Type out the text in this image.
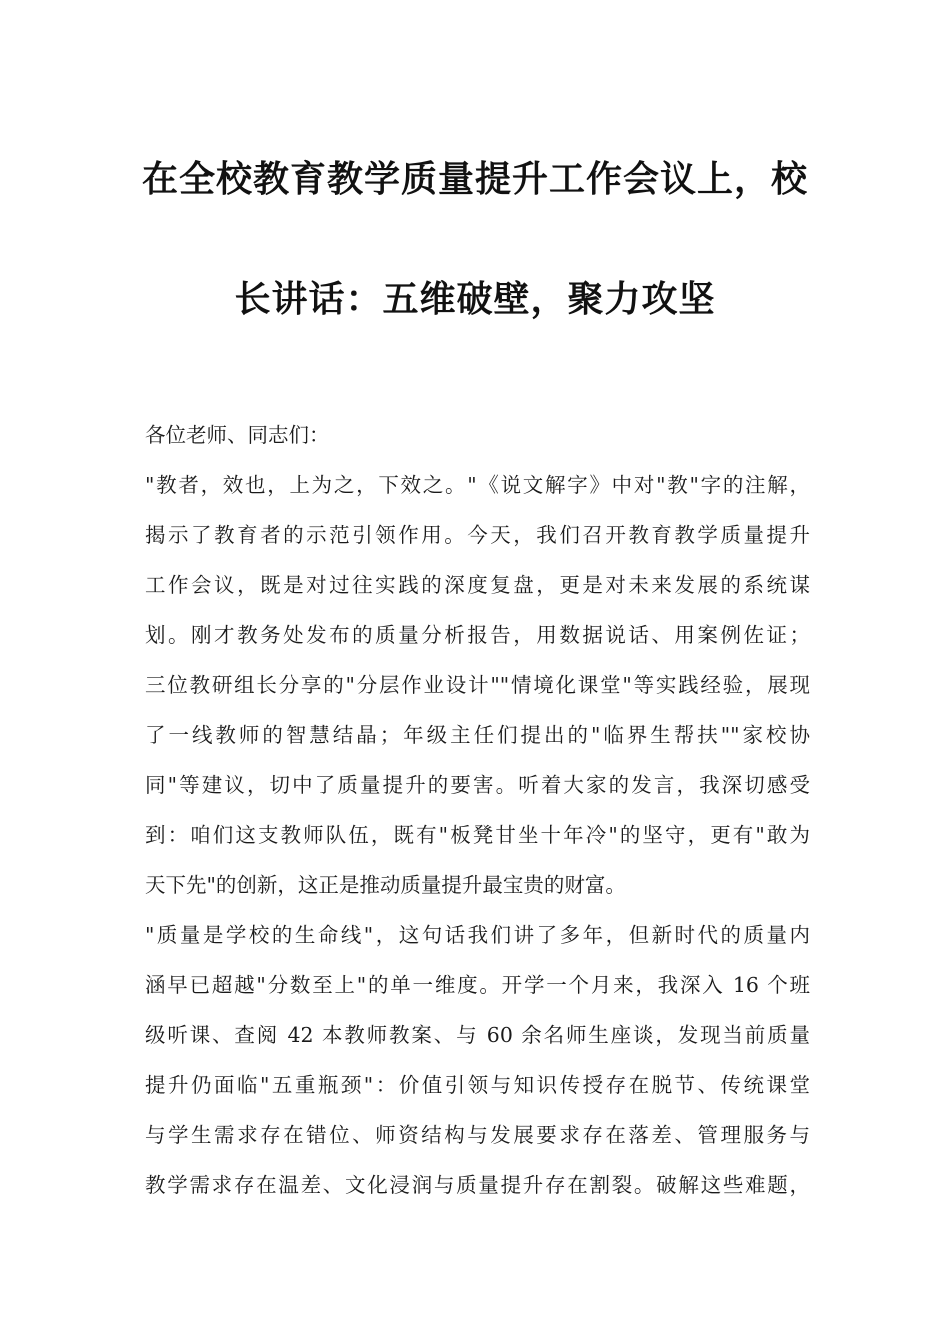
在全校教育教学质量提升工作会议上，校
长讲话：五维破壁，聚力攻坚
各位老师、同志们：
"教者，效也，上为之，下效之。"《说文解字》中对"教"字的注解，
揭示了教育者的示范引领作用。今天，我们召开教育教学质量提升
工作会议，既是对过往实践的深度复盘，更是对未来发展的系统谋
划。刚才教务处发布的质量分析报告，用数据说话、用案例佐证；
三位教研组长分享的"分层作业设计""情境化课堂"等实践经验，展现
了一线教师的智慧结晶；年级主任们提出的"临界生帮扶""家校协
同"等建议，切中了质量提升的要害。听着大家的发言，我深切感受
到：咱们这支教师队伍，既有"板凳甘坐十年冷"的坚守，更有"敢为
天下先"的创新，这正是推动质量提升最宝贵的财富。
"质量是学校的生命线"，这句话我们讲了多年，但新时代的质量内
涵早已超越"分数至上"的单一维度。开学一个月来，我深入 16 个班
级听课、查阅 42 本教师教案、与 60 余名师生座谈，发现当前质量
提升仍面临"五重瓶颈"：价值引领与知识传授存在脱节、传统课堂
与学生需求存在错位、师资结构与发展要求存在落差、管理服务与
教学需求存在温差、文化浸润与质量提升存在割裂。破解这些难题，
